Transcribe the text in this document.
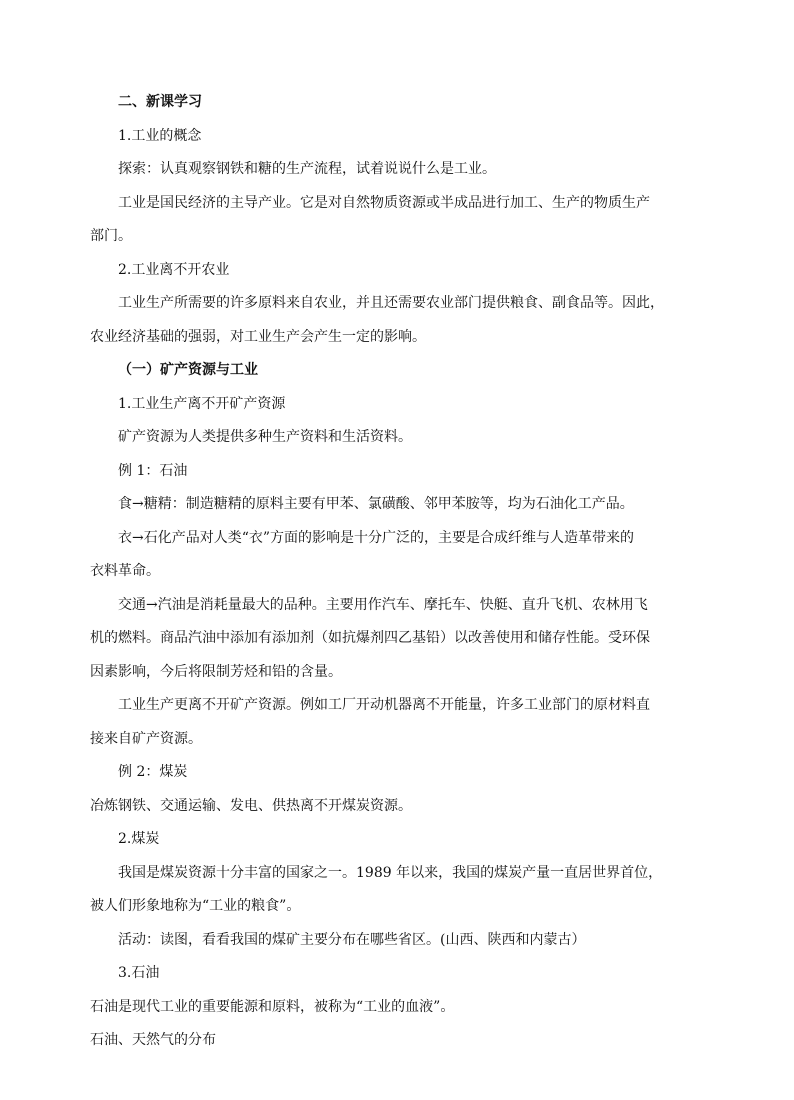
二、新课学习

1.工业的概念

探索：认真观察钢铁和糖的生产流程，试着说说什么是工业。

工业是国民经济的主导产业。它是对自然物质资源或半成品进行加工、生产的物质生产

部门。

2.工业离不开农业

工业生产所需要的许多原料来自农业，并且还需要农业部门提供粮食、副食品等。因此，

农业经济基础的强弱，对工业生产会产生一定的影响。

（一）矿产资源与工业

1.工业生产离不开矿产资源

矿产资源为人类提供多种生产资料和生活资料。

例 1：石油

食→糖精：制造糖精的原料主要有甲苯、氯磺酸、邻甲苯胺等，均为石油化工产品。

衣→石化产品对人类“衣”方面的影响是十分广泛的，主要是合成纤维与人造革带来的

衣料革命。

交通→汽油是消耗量最大的品种。主要用作汽车、摩托车、快艇、直升飞机、农林用飞

机的燃料。商品汽油中添加有添加剂（如抗爆剂四乙基铅）以改善使用和储存性能。受环保

因素影响，今后将限制芳烃和铅的含量。

工业生产更离不开矿产资源。例如工厂开动机器离不开能量，许多工业部门的原材料直

接来自矿产资源。

例 2：煤炭

冶炼钢铁、交通运输、发电、供热离不开煤炭资源。

2.煤炭

我国是煤炭资源十分丰富的国家之一。1989 年以来，我国的煤炭产量一直居世界首位，

被人们形象地称为“工业的粮食”。

活动：读图，看看我国的煤矿主要分布在哪些省区。(山西、陕西和内蒙古）

3.石油

石油是现代工业的重要能源和原料，被称为“工业的血液”。

石油、天然气的分布
